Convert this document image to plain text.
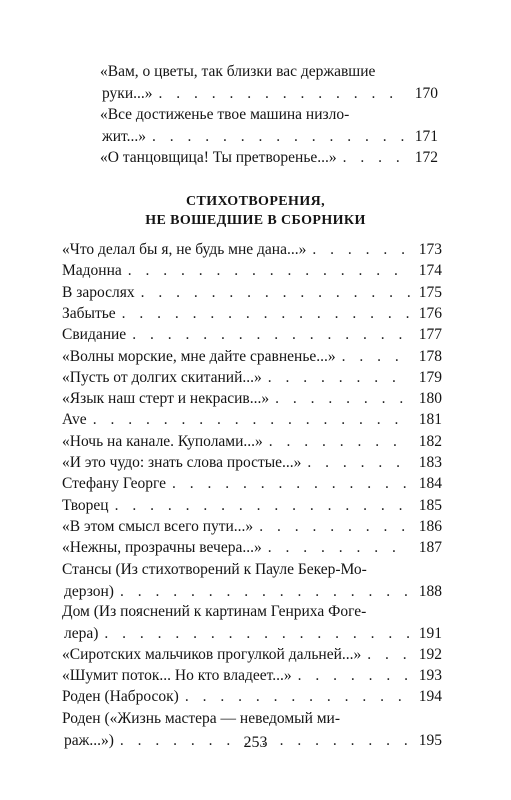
«Вам, о цветы, так близки вас державшие
руки...» . . .	170
«Все достиженье твое машина низло-
жит...» . . .	171
«О танцовщица! Ты претворенье...» . . .	172
СТИХОТВОРЕНИЯ,
НЕ ВОШЕДШИЕ В СБОРНИКИ
«Что делал бы я, не будь мне дана...» . . .	173
Мадонна . . .	174
В зарослях . . .	175
Забытье . . .	176
Свидание . . .	177
«Волны морские, мне дайте сравненье...» . . .	178
«Пусть от долгих скитаний...» . . .	179
«Язык наш стерт и некрасив...» . . .	180
Ave . . .	181
«Ночь на канале. Куполами...» . . .	182
«И это чудо: знать слова простые...» . . .	183
Стефану Георге . . .	184
Творец . . .	185
«В этом смысл всего пути...» . . .	186
«Нежны, прозрачны вечера...» . . .	187
Стансы (Из стихотворений к Пауле Бекер-Мо-
дерзон) . . .	188
Дом (Из пояснений к картинам Генриха Фоге-
лера) . . .	191
«Сиротских мальчиков прогулкой дальней...» . . .	192
«Шумит поток... Но кто владеет...» . . .	193
Роден (Набросок) . . .	194
Роден («Жизнь мастера — неведомый ми-
раж...») . . .	195
253
